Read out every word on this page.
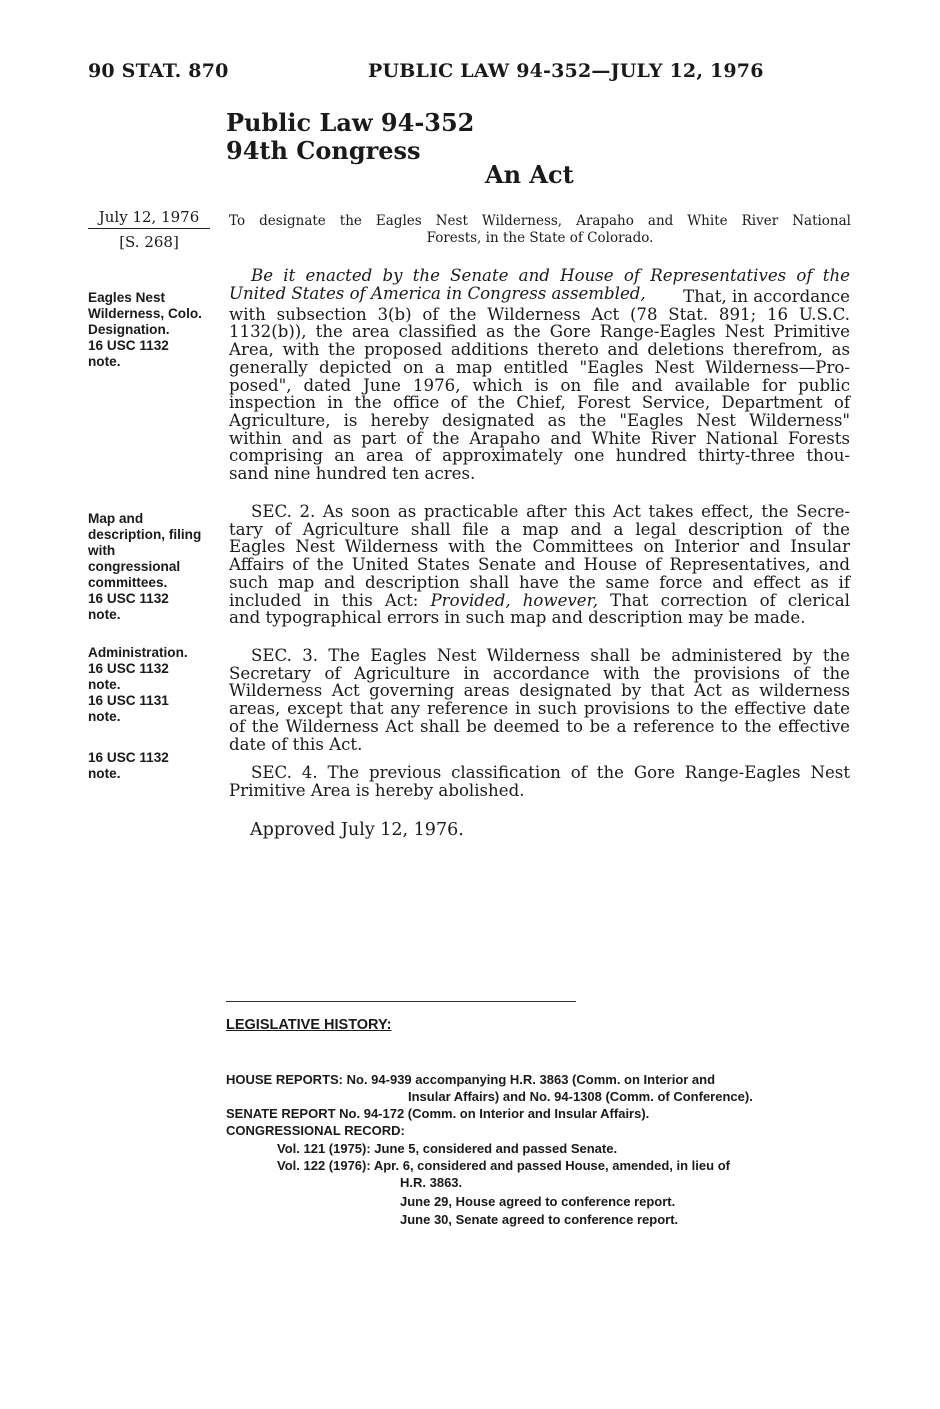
90 STAT. 870	PUBLIC LAW 94-352—JULY 12, 1976
Public Law 94-352
94th Congress
An Act
July 12, 1976
[S. 268]
To designate the Eagles Nest Wilderness, Arapaho and White River National
Forests, in the State of Colorado.
Eagles Nest
Wilderness, Colo.
Designation.
16 USC 1132
note.
Map and
description, filing
with
congressional
committees.
16 USC 1132
note.
Administration.
16 USC 1132
note.
16 USC 1131
note.
16 USC 1132
note.
Be it enacted by the Senate and House of Representatives of the United States of America in Congress assembled,	That, in accordance
with subsection 3(b) of the Wilderness Act (78 Stat. 891; 16 U.S.C.
1132(b)), the area classified as the Gore Range-Eagles Nest Primitive
Area, with the proposed additions thereto and deletions therefrom, as
generally depicted on a map entitled "Eagles Nest Wilderness—Pro-
posed", dated June 1976, which is on file and available for public
inspection in the office of the Chief, Forest Service, Department of
Agriculture, is hereby designated as the "Eagles Nest Wilderness"
within and as part of the Arapaho and White River National Forests
comprising an area of approximately one hundred thirty-three thou-
sand nine hundred ten acres.
SEC. 2. As soon as practicable after this Act takes effect, the Secre-
tary of Agriculture shall file a map and a legal description of the
Eagles Nest Wilderness with the Committees on Interior and Insular
Affairs of the United States Senate and House of Representatives, and
such map and description shall have the same force and effect as if
included in this Act: Provided, however, That correction of clerical
and typographical errors in such map and description may be made.
SEC. 3. The Eagles Nest Wilderness shall be administered by the
Secretary of Agriculture in accordance with the provisions of the
Wilderness Act governing areas designated by that Act as wilderness
areas, except that any reference in such provisions to the effective date
of the Wilderness Act shall be deemed to be a reference to the effective
date of this Act.
SEC. 4. The previous classification of the Gore Range-Eagles Nest
Primitive Area is hereby abolished.
Approved July 12, 1976.
LEGISLATIVE HISTORY:
HOUSE REPORTS: No. 94-939 accompanying H.R. 3863 (Comm. on Interior and
Insular Affairs) and No. 94-1308 (Comm. of Conference).
SENATE REPORT No. 94-172 (Comm. on Interior and Insular Affairs).
CONGRESSIONAL RECORD:
Vol. 121 (1975): June 5, considered and passed Senate.
Vol. 122 (1976): Apr. 6, considered and passed House, amended, in lieu of
H.R. 3863.
June 29, House agreed to conference report.
June 30, Senate agreed to conference report.
